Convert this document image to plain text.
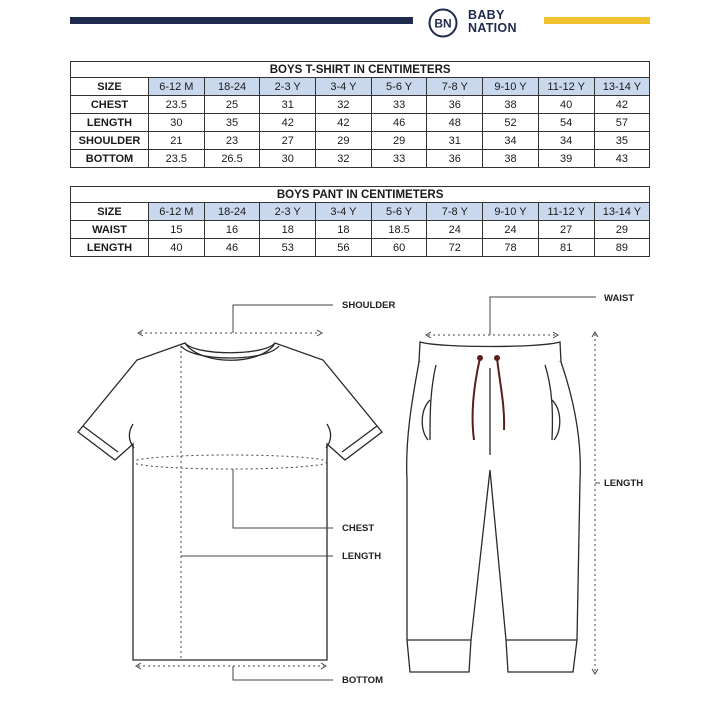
BN
BABY
NATION
BOYS T-SHIRT IN CENTIMETERS									
SIZE	6-12 M	18-24	2-3 Y	3-4 Y	5-6 Y	7-8 Y	9-10 Y	11-12 Y	13-14 Y
CHEST	23.5	25	31	32	33	36	38	40	42
LENGTH	30	35	42	42	46	48	52	54	57
SHOULDER	21	23	27	29	29	31	34	34	35
BOTTOM	23.5	26.5	30	32	33	36	38	39	43
BOYS PANT IN CENTIMETERS									
SIZE	6-12 M	18-24	2-3 Y	3-4 Y	5-6 Y	7-8 Y	9-10 Y	11-12 Y	13-14 Y
WAIST	15	16	18	18	18.5	24	24	27	29
LENGTH	40	46	53	56	60	72	78	81	89
SHOULDER
CHEST
LENGTH
BOTTOM
WAIST
LENGTH
